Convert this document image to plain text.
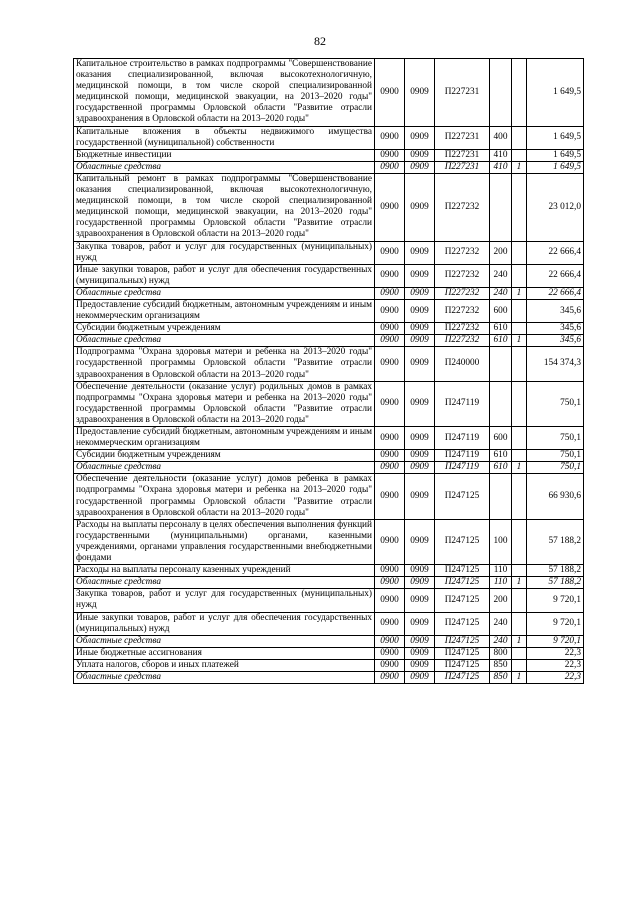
82
Капитальное строительство в рамках подпрограммы "Совершенствование оказания специализированной, включая высокотехнологичную, медицинской помощи, в том числе скорой специализированной медицинской помощи, медицинской эвакуации, на 2013–2020 годы" государственной программы Орловской области "Развитие отрасли здравоохранения в Орловской области на 2013–2020 годы"	0900	0909	П227231			1 649,5
Капитальные вложения в объекты недвижимого имущества государственной (муниципальной) собственности	0900	0909	П227231	400		1 649,5
Бюджетные инвестиции	0900	0909	П227231	410		1 649,5
Областные средства	0900	0909	П227231	410	1	1 649,5
Капитальный ремонт в рамках подпрограммы "Совершенствование оказания специализированной, включая высокотехнологичную, медицинской помощи, в том числе скорой специализированной медицинской помощи, медицинской эвакуации, на 2013–2020 годы" государственной программы Орловской области "Развитие отрасли здравоохранения в Орловской области на 2013–2020 годы"	0900	0909	П227232			23 012,0
Закупка товаров, работ и услуг для государственных (муниципальных) нужд	0900	0909	П227232	200		22 666,4
Иные закупки товаров, работ и услуг для обеспечения государственных (муниципальных) нужд	0900	0909	П227232	240		22 666,4
Областные средства	0900	0909	П227232	240	1	22 666,4
Предоставление субсидий бюджетным, автономным учреждениям и иным некоммерческим организациям	0900	0909	П227232	600		345,6
Субсидии бюджетным учреждениям	0900	0909	П227232	610		345,6
Областные средства	0900	0909	П227232	610	1	345,6
Подпрограмма "Охрана здоровья матери и ребенка на 2013–2020 годы" государственной программы Орловской области "Развитие отрасли здравоохранения в Орловской области на 2013–2020 годы"	0900	0909	П240000			154 374,3
Обеспечение деятельности (оказание услуг) родильных домов в рамках подпрограммы "Охрана здоровья матери и ребенка на 2013–2020 годы" государственной программы Орловской области "Развитие отрасли здравоохранения в Орловской области на 2013–2020 годы"	0900	0909	П247119			750,1
Предоставление субсидий бюджетным, автономным учреждениям и иным некоммерческим организациям	0900	0909	П247119	600		750,1
Субсидии бюджетным учреждениям	0900	0909	П247119	610		750,1
Областные средства	0900	0909	П247119	610	1	750,1
Обеспечение деятельности (оказание услуг) домов ребенка в рамках подпрограммы "Охрана здоровья матери и ребенка на 2013–2020 годы" государственной программы Орловской области "Развитие отрасли здравоохранения в Орловской области на 2013–2020 годы"	0900	0909	П247125			66 930,6
Расходы на выплаты персоналу в целях обеспечения выполнения функций государственными (муниципальными) органами, казенными учреждениями, органами управления государственными внебюджетными фондами	0900	0909	П247125	100		57 188,2
Расходы на выплаты персоналу казенных учреждений	0900	0909	П247125	110		57 188,2
Областные средства	0900	0909	П247125	110	1	57 188,2
Закупка товаров, работ и услуг для государственных (муниципальных) нужд	0900	0909	П247125	200		9 720,1
Иные закупки товаров, работ и услуг для обеспечения государственных (муниципальных) нужд	0900	0909	П247125	240		9 720,1
Областные средства	0900	0909	П247125	240	1	9 720,1
Иные бюджетные ассигнования	0900	0909	П247125	800		22,3
Уплата налогов, сборов и иных платежей	0900	0909	П247125	850		22,3
Областные средства	0900	0909	П247125	850	1	22,3
